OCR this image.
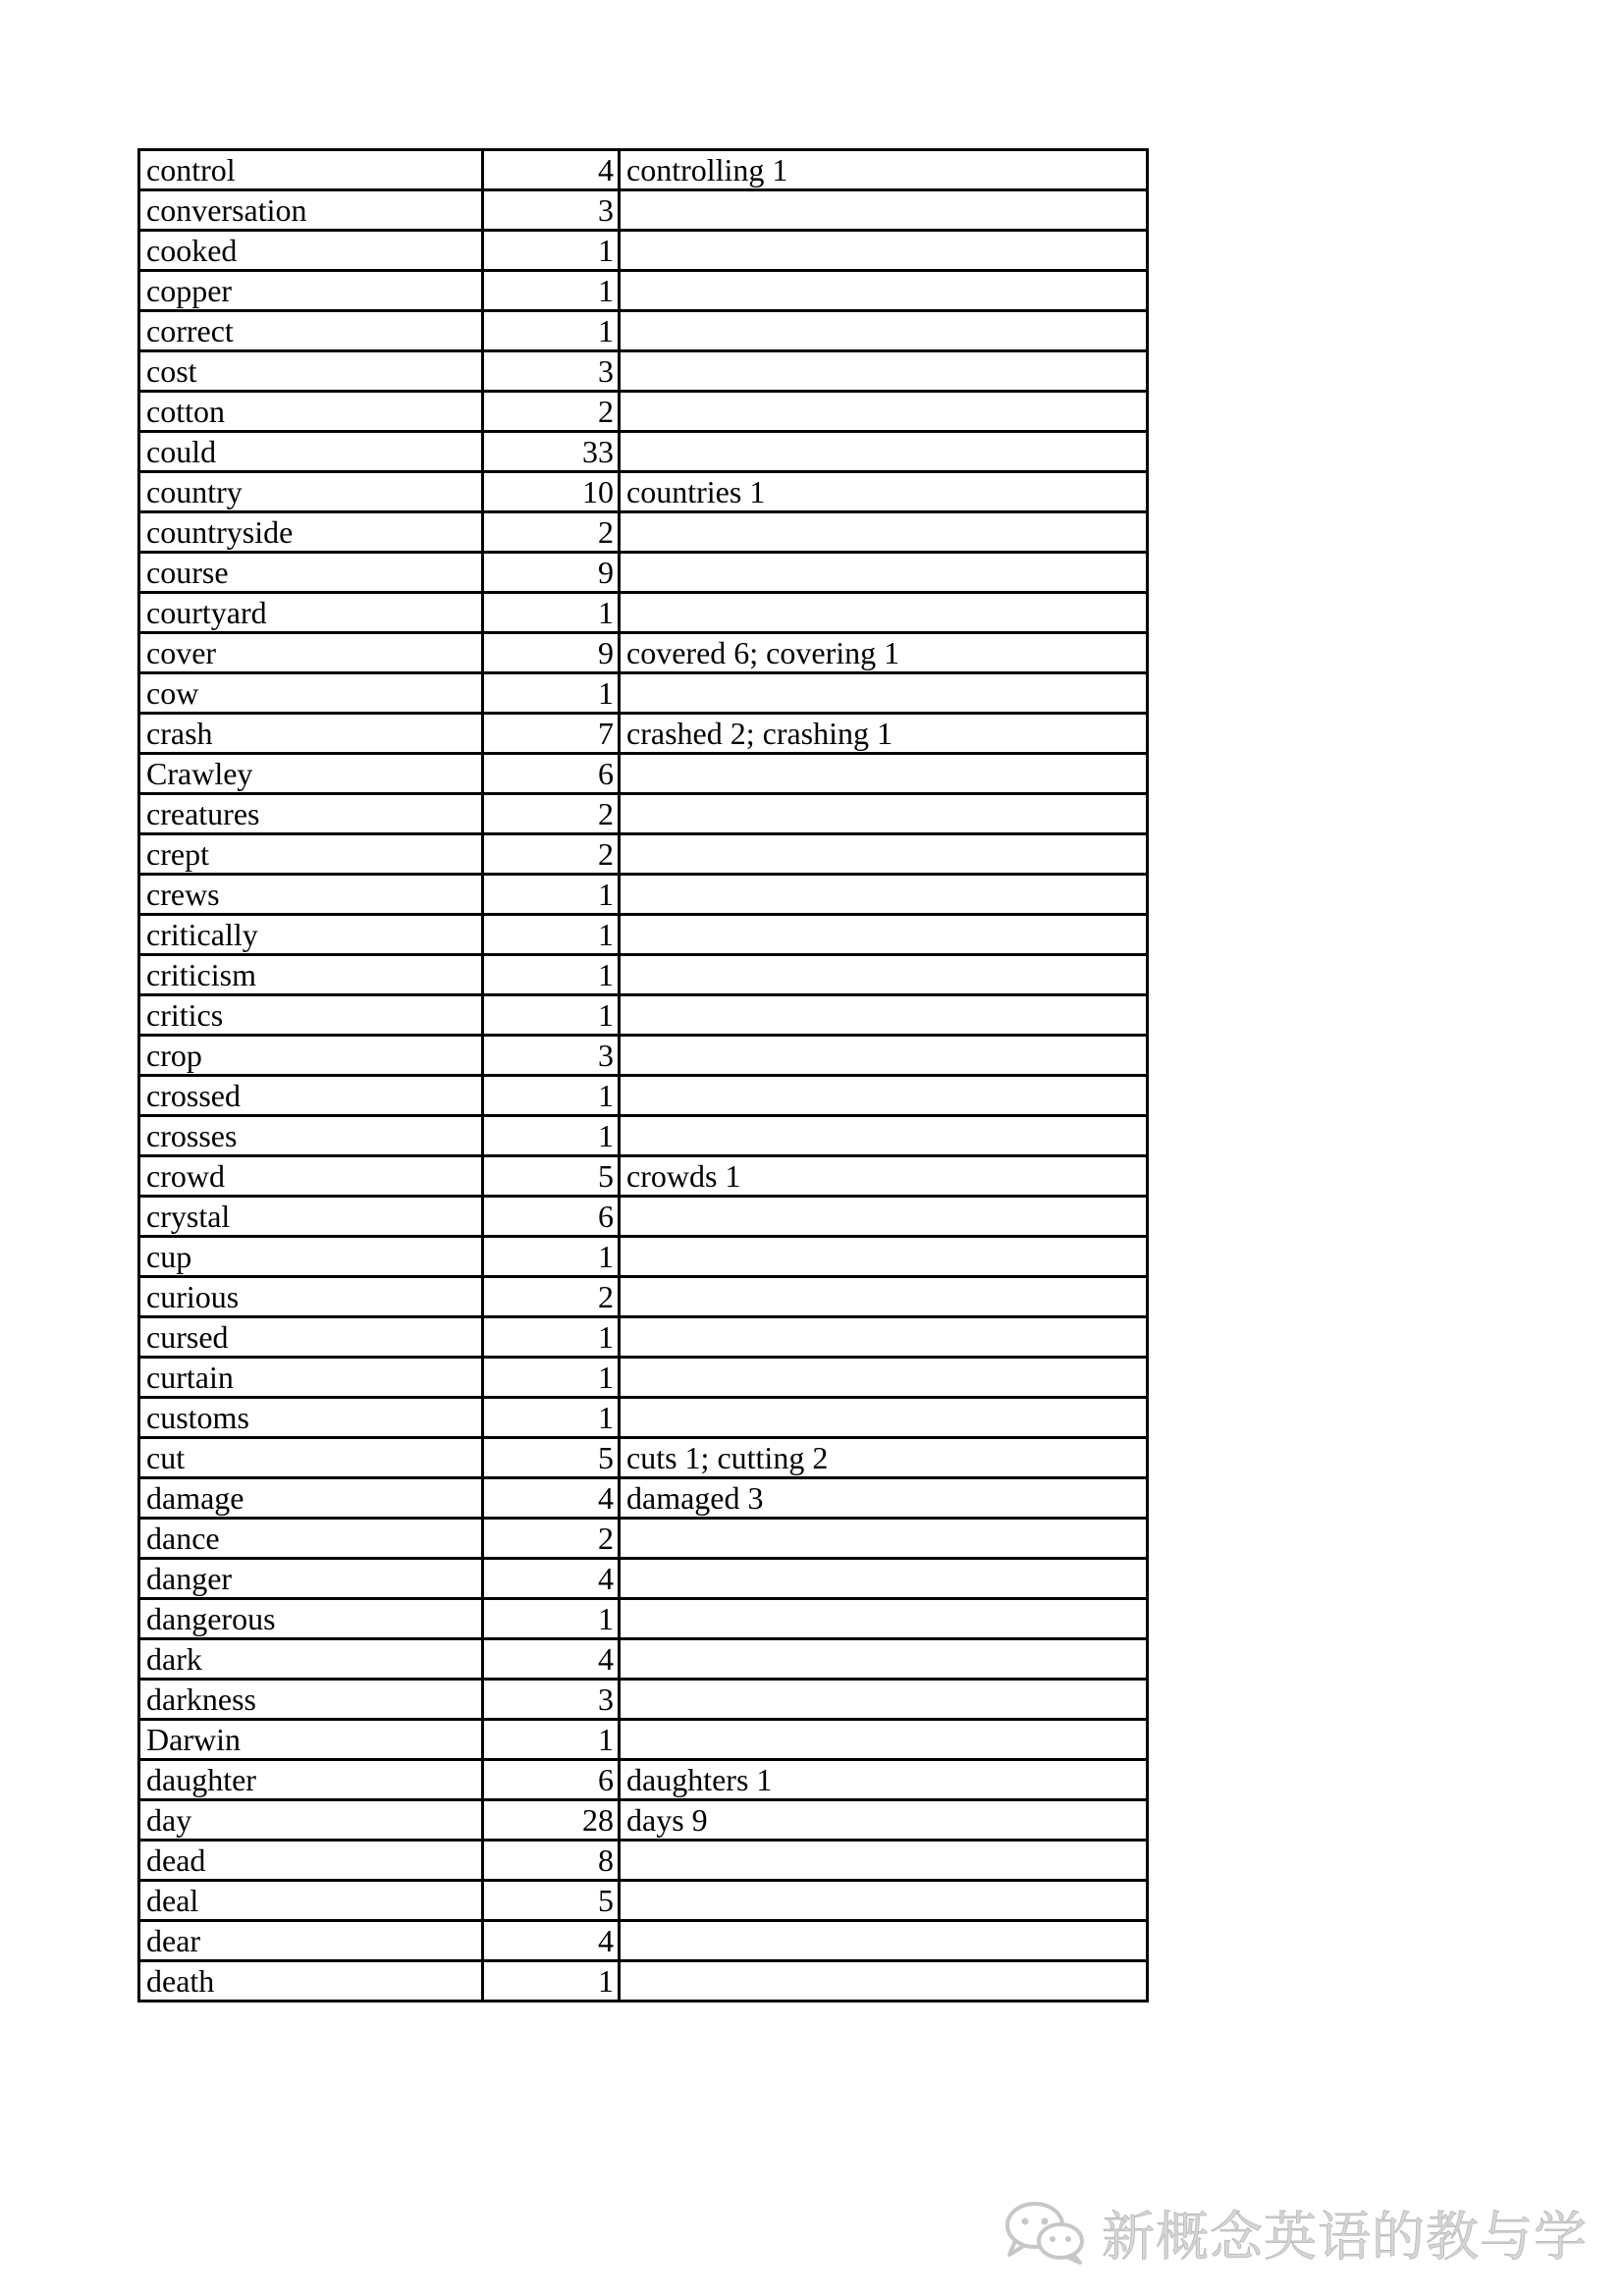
control	4	controlling 1
conversation	3	
cooked	1	
copper	1	
correct	1	
cost	3	
cotton	2	
could	33	
country	10	countries 1
countryside	2	
course	9	
courtyard	1	
cover	9	covered 6; covering 1
cow	1	
crash	7	crashed 2; crashing 1
Crawley	6	
creatures	2	
crept	2	
crews	1	
critically	1	
criticism	1	
critics	1	
crop	3	
crossed	1	
crosses	1	
crowd	5	crowds 1
crystal	6	
cup	1	
curious	2	
cursed	1	
curtain	1	
customs	1	
cut	5	cuts 1; cutting 2
damage	4	damaged 3
dance	2	
danger	4	
dangerous	1	
dark	4	
darkness	3	
Darwin	1	
daughter	6	daughters 1
day	28	days 9
dead	8	
deal	5	
dear	4	
death	1	
新概念英语的教与学
